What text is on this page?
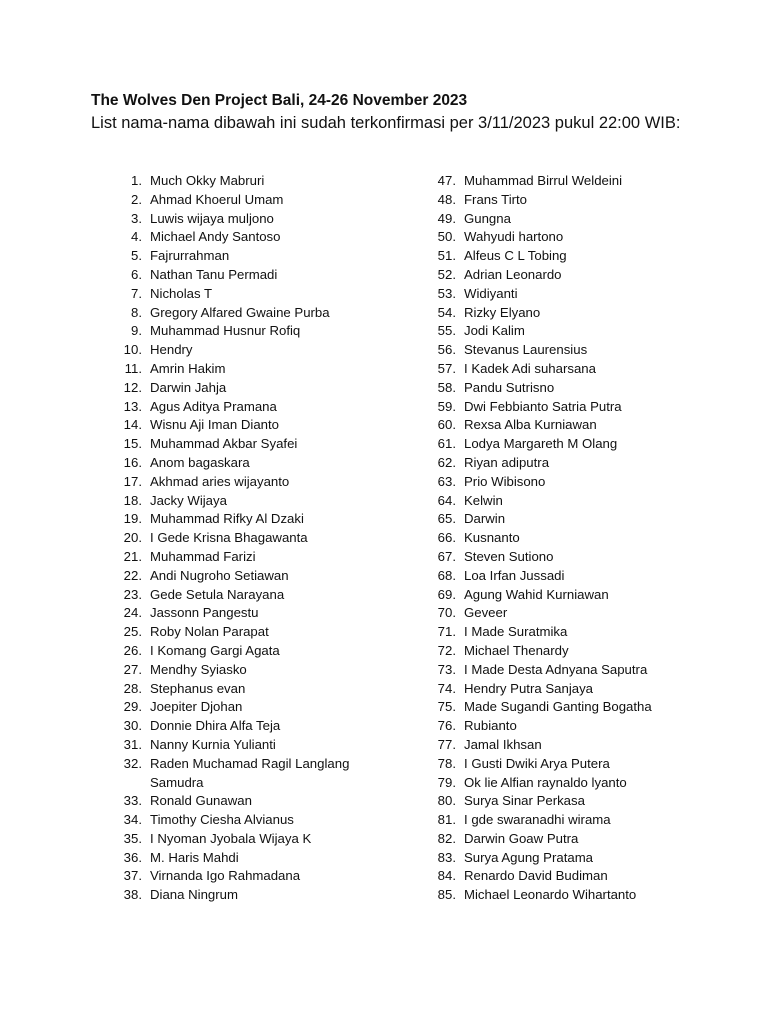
The Wolves Den Project Bali, 24-26 November 2023

List nama-nama dibawah ini sudah terkonfirmasi per 3/11/2023 pukul 22:00 WIB:

1. Much Okky Mabruri
2. Ahmad Khoerul Umam
3. Luwis wijaya muljono
4. Michael Andy Santoso
5. Fajrurrahman
6. Nathan Tanu Permadi
7. Nicholas T
8. Gregory Alfared Gwaine Purba
9. Muhammad Husnur Rofiq
10. Hendry
11. Amrin Hakim
12. Darwin Jahja
13. Agus Aditya Pramana
14. Wisnu Aji Iman Dianto
15. Muhammad Akbar Syafei
16. Anom bagaskara
17. Akhmad aries wijayanto
18. Jacky Wijaya
19. Muhammad Rifky Al Dzaki
20. I Gede Krisna Bhagawanta
21. Muhammad Farizi
22. Andi Nugroho Setiawan
23. Gede Setula Narayana
24. Jassonn Pangestu
25. Roby Nolan Parapat
26. I Komang Gargi Agata
27. Mendhy Syiasko
28. Stephanus evan
29. Joepiter Djohan
30. Donnie Dhira Alfa Teja
31. Nanny Kurnia Yulianti
32. Raden Muchamad Ragil Langlang Samudra
33. Ronald Gunawan
34. Timothy Ciesha Alvianus
35. I Nyoman Jyobala Wijaya K
36. M. Haris Mahdi
37. Virnanda Igo Rahmadana
38. Diana Ningrum
47. Muhammad Birrul Weldeini
48. Frans Tirto
49. Gungna
50. Wahyudi hartono
51. Alfeus C L Tobing
52. Adrian Leonardo
53. Widiyanti
54. Rizky Elyano
55. Jodi Kalim
56. Stevanus Laurensius
57. I Kadek Adi suharsana
58. Pandu Sutrisno
59. Dwi Febbianto Satria Putra
60. Rexsa Alba Kurniawan
61. Lodya Margareth M Olang
62. Riyan adiputra
63. Prio Wibisono
64. Kelwin
65. Darwin
66. Kusnanto
67. Steven Sutiono
68. Loa Irfan Jussadi
69. Agung Wahid Kurniawan
70. Geveer
71. I Made Suratmika
72. Michael Thenardy
73. I Made Desta Adnyana Saputra
74. Hendry Putra Sanjaya
75. Made Sugandi Ganting Bogatha
76. Rubianto
77. Jamal Ikhsan
78. I Gusti Dwiki Arya Putera
79. Ok lie Alfian raynaldo lyanto
80. Surya Sinar Perkasa
81. I gde swaranadhi wirama
82. Darwin Goaw Putra
83. Surya Agung Pratama
84. Renardo David Budiman
85. Michael Leonardo Wihartanto
